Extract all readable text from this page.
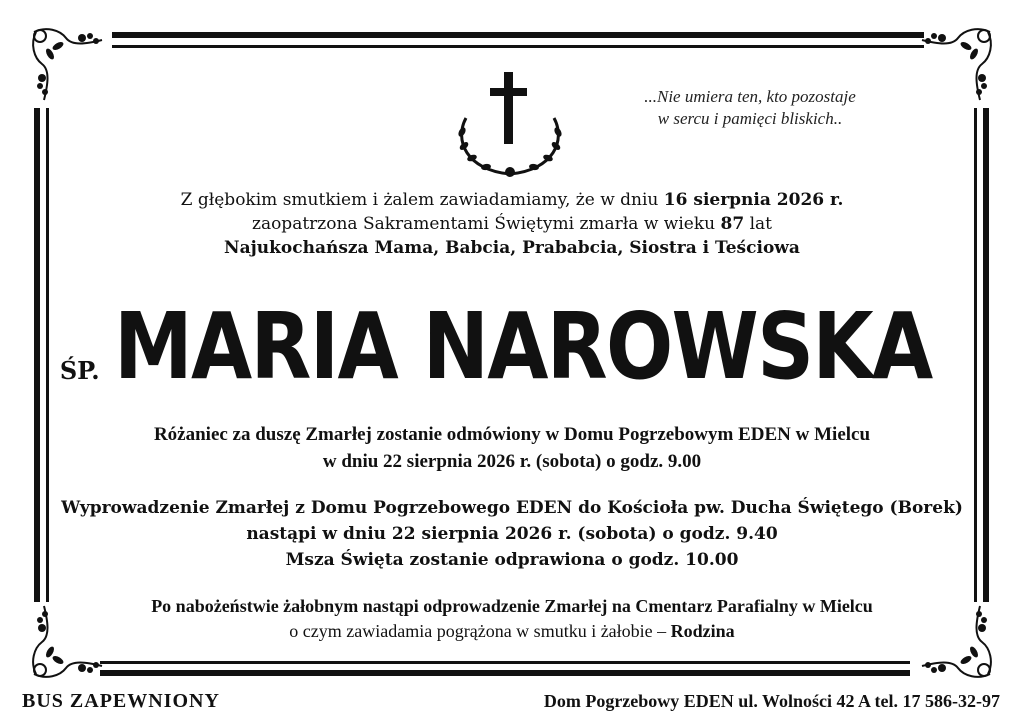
...Nie umiera ten, kto pozostaje
w sercu i pamięci bliskich..
Z głębokim smutkiem i żalem zawiadamiamy, że w dniu 16 sierpnia 2026 r.
zaopatrzona Sakramentami Świętymi zmarła w wieku 87 lat
Najukochańsza Mama, Babcia, Prababcia, Siostra i Teściowa
ŚP. MARIA NAROWSKA
Różaniec za duszę Zmarłej zostanie odmówiony w Domu Pogrzebowym EDEN w Mielcu
w dniu 22 sierpnia 2026 r. (sobota) o godz. 9.00
Wyprowadzenie Zmarłej z Domu Pogrzebowego EDEN do Kościoła pw. Ducha Świętego (Borek)
nastąpi w dniu 22 sierpnia 2026 r. (sobota) o godz. 9.40
Msza Święta zostanie odprawiona o godz. 10.00
Po nabożeństwie żałobnym nastąpi odprowadzenie Zmarłej na Cmentarz Parafialny w Mielcu
o czym zawiadamia pogrążona w smutku i żałobie – Rodzina
BUS ZAPEWNIONY	Dom Pogrzebowy EDEN ul. Wolności 42 A tel. 17 586-32-97
